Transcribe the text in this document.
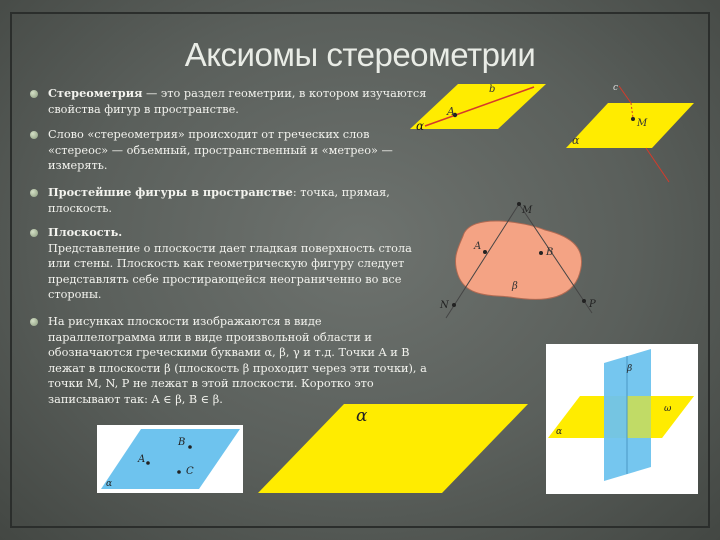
Аксиомы стереометрии
Стереометрия — это раздел геометрии, в котором изучаются свойства фигур в пространстве.
Слово «стереометрия» происходит от греческих слов «стереос» — объемный, пространственный и «метрео» — измерять.
Простейшие фигуры в пространстве: точка, прямая, плоскость.
Плоскость.
Представление о плоскости дает гладкая поверхность стола или стены. Плоскость как геометрическую фигуру следует представлять себе простирающейся неограниченно во все стороны.
На рисунках плоскости изображаются в виде параллелограмма или в виде произвольной области и обозначаются греческими буквами α, β, γ и т.д. Точки A и B лежат в плоскости β (плоскость β проходит через эти точки), а точки M, N, P не лежат в этой плоскости. Коротко это записывают так: A ∈ β, B ∈ β.
A
b
α
c
M
α
M
A
B
N	P
β
α
B
A
C
α
β
α
ω
